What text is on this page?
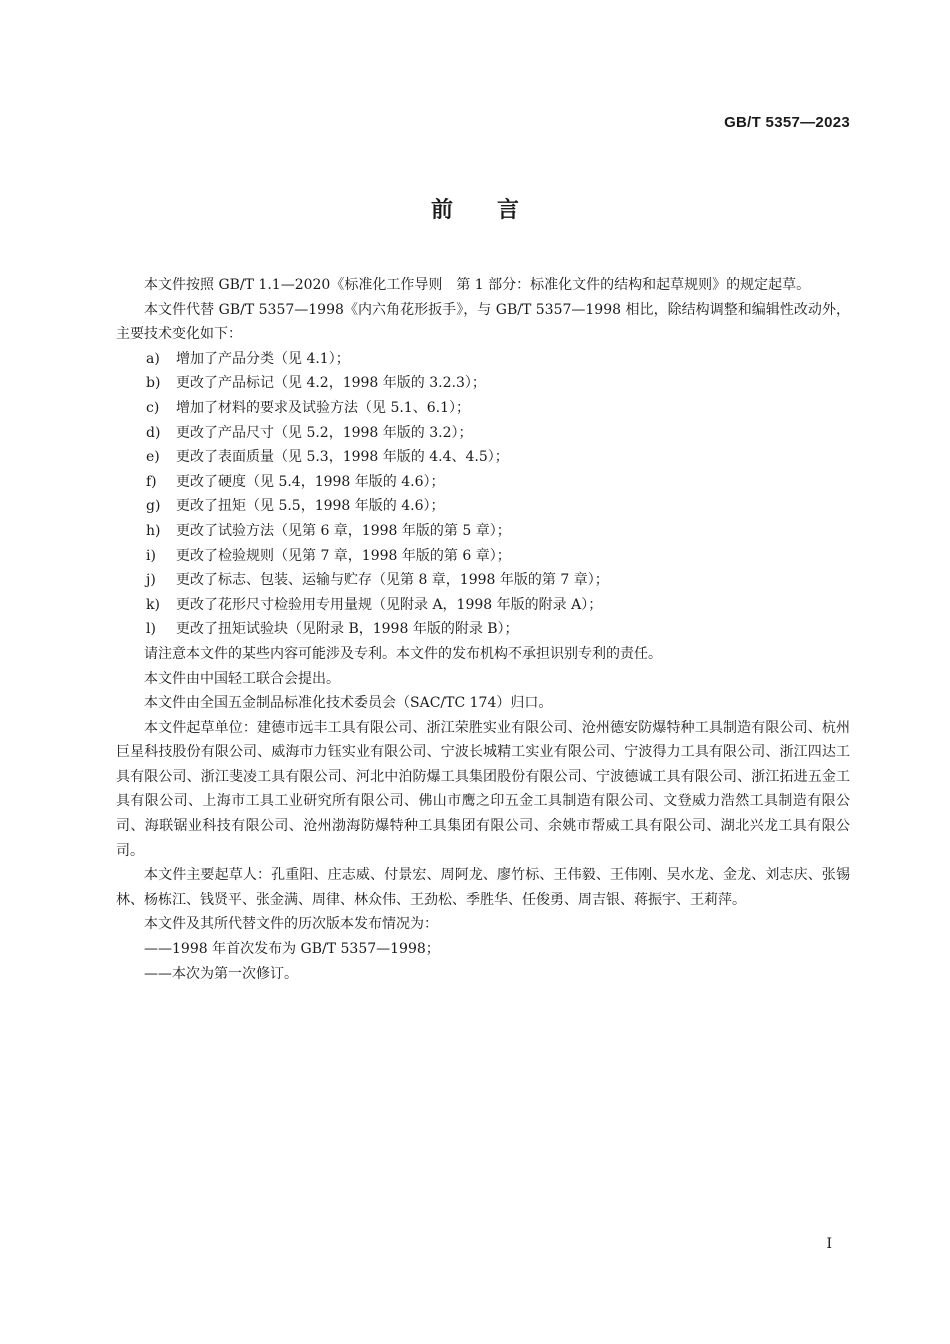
GB/T 5357—2023
前　　言

本文件按照 GB/T 1.1—2020《标准化工作导则　第 1 部分：标准化文件的结构和起草规则》的规定起草。

本文件代替 GB/T 5357—1998《内六角花形扳手》，与 GB/T 5357—1998 相比，除结构调整和编辑性改动外，主要技术变化如下：

a) 增加了产品分类（见 4.1）；

b) 更改了产品标记（见 4.2，1998 年版的 3.2.3）；

c) 增加了材料的要求及试验方法（见 5.1、6.1）；

d) 更改了产品尺寸（见 5.2，1998 年版的 3.2）；

e) 更改了表面质量（见 5.3，1998 年版的 4.4、4.5）；

f) 更改了硬度（见 5.4，1998 年版的 4.6）；

g) 更改了扭矩（见 5.5，1998 年版的 4.6）；

h) 更改了试验方法（见第 6 章，1998 年版的第 5 章）；

i) 更改了检验规则（见第 7 章，1998 年版的第 6 章）；

j) 更改了标志、包装、运输与贮存（见第 8 章，1998 年版的第 7 章）；

k) 更改了花形尺寸检验用专用量规（见附录 A，1998 年版的附录 A）；

l) 更改了扭矩试验块（见附录 B，1998 年版的附录 B）；

请注意本文件的某些内容可能涉及专利。本文件的发布机构不承担识别专利的责任。

本文件由中国轻工联合会提出。

本文件由全国五金制品标准化技术委员会（SAC/TC 174）归口。

本文件起草单位：建德市远丰工具有限公司、浙江荣胜实业有限公司、沧州德安防爆特种工具制造有限公司、杭州巨星科技股份有限公司、威海市力钰实业有限公司、宁波长城精工实业有限公司、宁波得力工具有限公司、浙江四达工具有限公司、浙江斐凌工具有限公司、河北中泊防爆工具集团股份有限公司、宁波德诚工具有限公司、浙江拓进五金工具有限公司、上海市工具工业研究所有限公司、佛山市鹰之印五金工具制造有限公司、文登威力浩然工具制造有限公司、海联锯业科技有限公司、沧州渤海防爆特种工具集团有限公司、余姚市帮威工具有限公司、湖北兴龙工具有限公司。

本文件主要起草人：孔重阳、庄志威、付景宏、周阿龙、廖竹标、王伟毅、王伟刚、吴水龙、金龙、刘志庆、张锡林、杨栋江、钱贤平、张金满、周律、林众伟、王劲松、季胜华、任俊勇、周吉银、蒋振宇、王莉萍。

本文件及其所代替文件的历次版本发布情况为：

——1998 年首次发布为 GB/T 5357—1998；

——本次为第一次修订。

I
